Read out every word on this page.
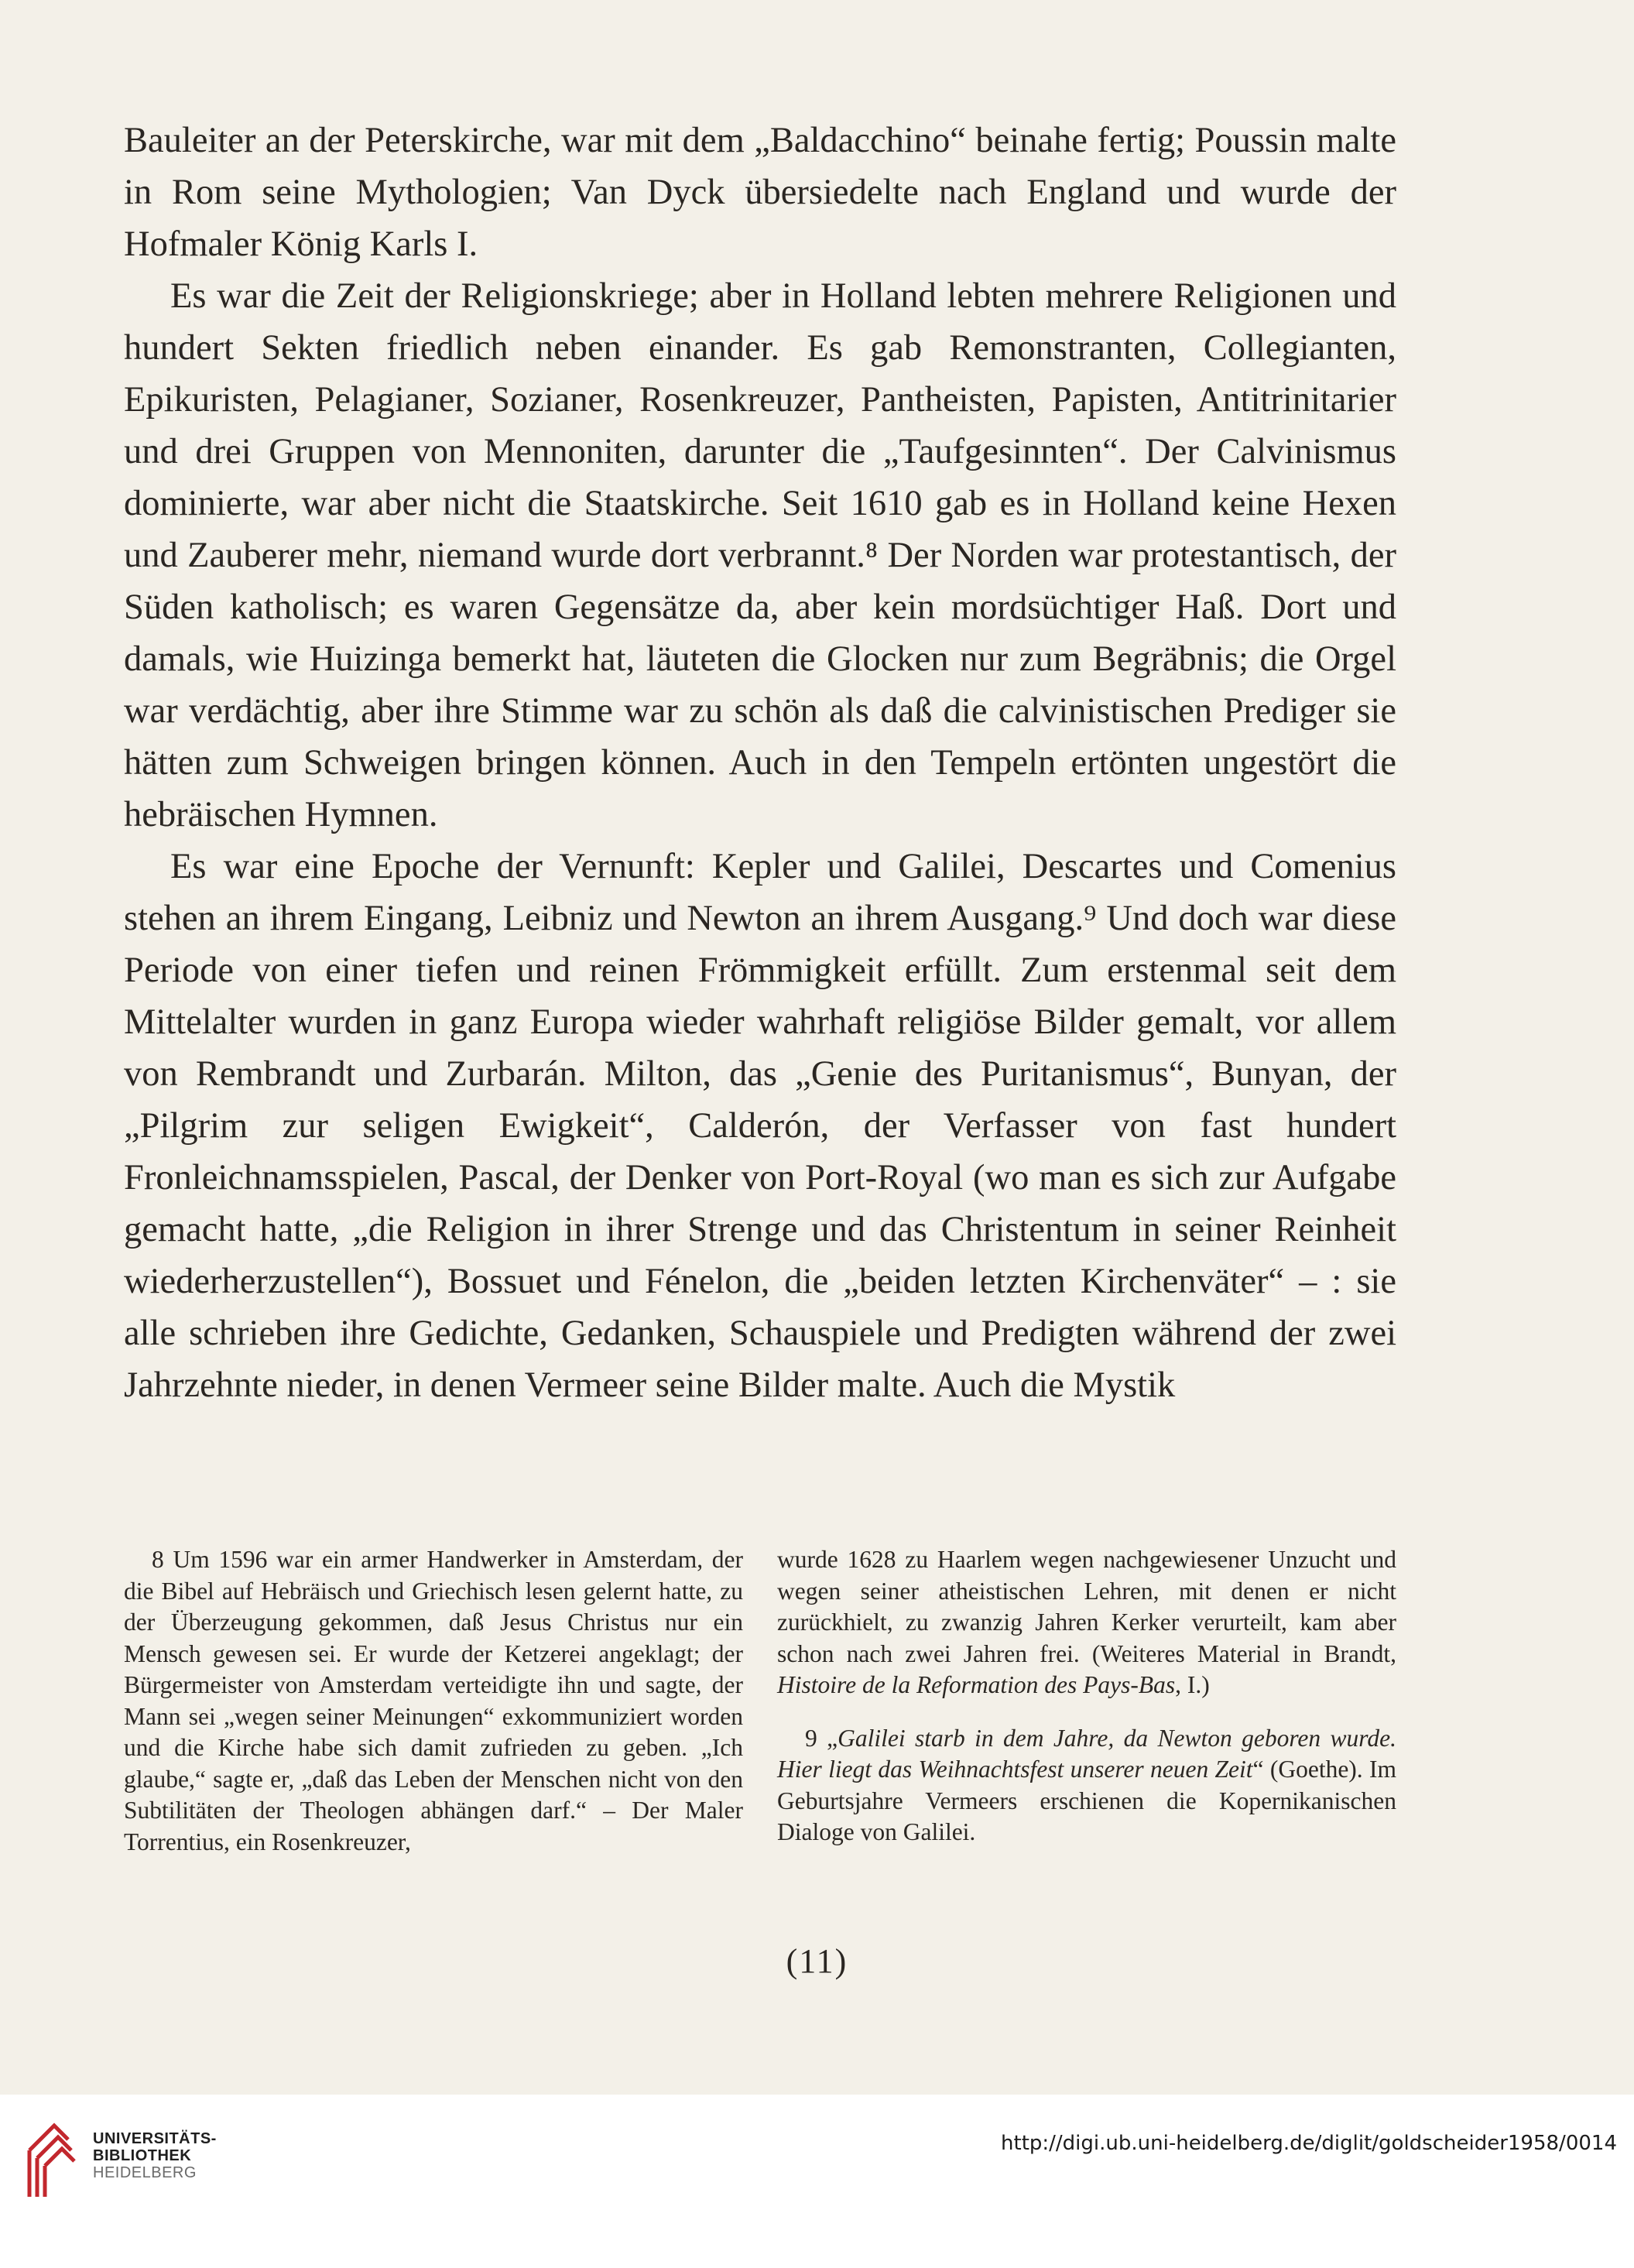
Bauleiter an der Peterskirche, war mit dem „Baldacchino“ beinahe fertig; Poussin malte in Rom seine Mythologien; Van Dyck übersiedelte nach England und wurde der Hofmaler König Karls I.

Es war die Zeit der Religionskriege; aber in Holland lebten mehrere Religionen und hundert Sekten friedlich neben einander. Es gab Remonstranten, Collegianten, Epikuristen, Pelagianer, Sozianer, Rosenkreuzer, Pantheisten, Papisten, Antitrinitarier und drei Gruppen von Mennoniten, darunter die „Taufgesinnten“. Der Calvinismus dominierte, war aber nicht die Staatskirche. Seit 1610 gab es in Holland keine Hexen und Zauberer mehr, niemand wurde dort verbrannt.⁸ Der Norden war protestantisch, der Süden katholisch; es waren Gegensätze da, aber kein mordsüchtiger Haß. Dort und damals, wie Huizinga bemerkt hat, läuteten die Glocken nur zum Begräbnis; die Orgel war verdächtig, aber ihre Stimme war zu schön als daß die calvinistischen Prediger sie hätten zum Schweigen bringen können. Auch in den Tempeln ertönten ungestört die hebräischen Hymnen.

Es war eine Epoche der Vernunft: Kepler und Galilei, Descartes und Comenius stehen an ihrem Eingang, Leibniz und Newton an ihrem Ausgang.⁹ Und doch war diese Periode von einer tiefen und reinen Frömmigkeit erfüllt. Zum erstenmal seit dem Mittelalter wurden in ganz Europa wieder wahrhaft religiöse Bilder gemalt, vor allem von Rembrandt und Zurbarán. Milton, das „Genie des Puritanismus“, Bunyan, der „Pilgrim zur seligen Ewigkeit“, Calderón, der Verfasser von fast hundert Fronleichnamsspielen, Pascal, der Denker von Port-Royal (wo man es sich zur Aufgabe gemacht hatte, „die Religion in ihrer Strenge und das Christentum in seiner Reinheit wiederherzustellen“), Bossuet und Fénelon, die „beiden letzten Kirchenväter“ – : sie alle schrieben ihre Gedichte, Gedanken, Schauspiele und Predigten während der zwei Jahrzehnte nieder, in denen Vermeer seine Bilder malte. Auch die Mystik

8 Um 1596 war ein armer Handwerker in Amsterdam, der die Bibel auf Hebräisch und Griechisch lesen gelernt hatte, zu der Überzeugung gekommen, daß Jesus Christus nur ein Mensch gewesen sei. Er wurde der Ketzerei angeklagt; der Bürgermeister von Amsterdam verteidigte ihn und sagte, der Mann sei „wegen seiner Meinungen“ exkommuniziert worden und die Kirche habe sich damit zufrieden zu geben. „Ich glaube,“ sagte er, „daß das Leben der Menschen nicht von den Subtilitäten der Theologen abhängen darf.“ – Der Maler Torrentius, ein Rosenkreuzer,

wurde 1628 zu Haarlem wegen nachgewiesener Unzucht und wegen seiner atheistischen Lehren, mit denen er nicht zurückhielt, zu zwanzig Jahren Kerker verurteilt, kam aber schon nach zwei Jahren frei. (Weiteres Material in Brandt, Histoire de la Reformation des Pays-Bas, I.)

9 „Galilei starb in dem Jahre, da Newton geboren wurde. Hier liegt das Weihnachtsfest unserer neuen Zeit“ (Goethe). Im Geburtsjahre Vermeers erschienen die Kopernikanischen Dialoge von Galilei.

(11)
UNIVERSITÄTS-
BIBLIOTHEK
HEIDELBERG
http://digi.ub.uni-heidelberg.de/diglit/goldscheider1958/0014
